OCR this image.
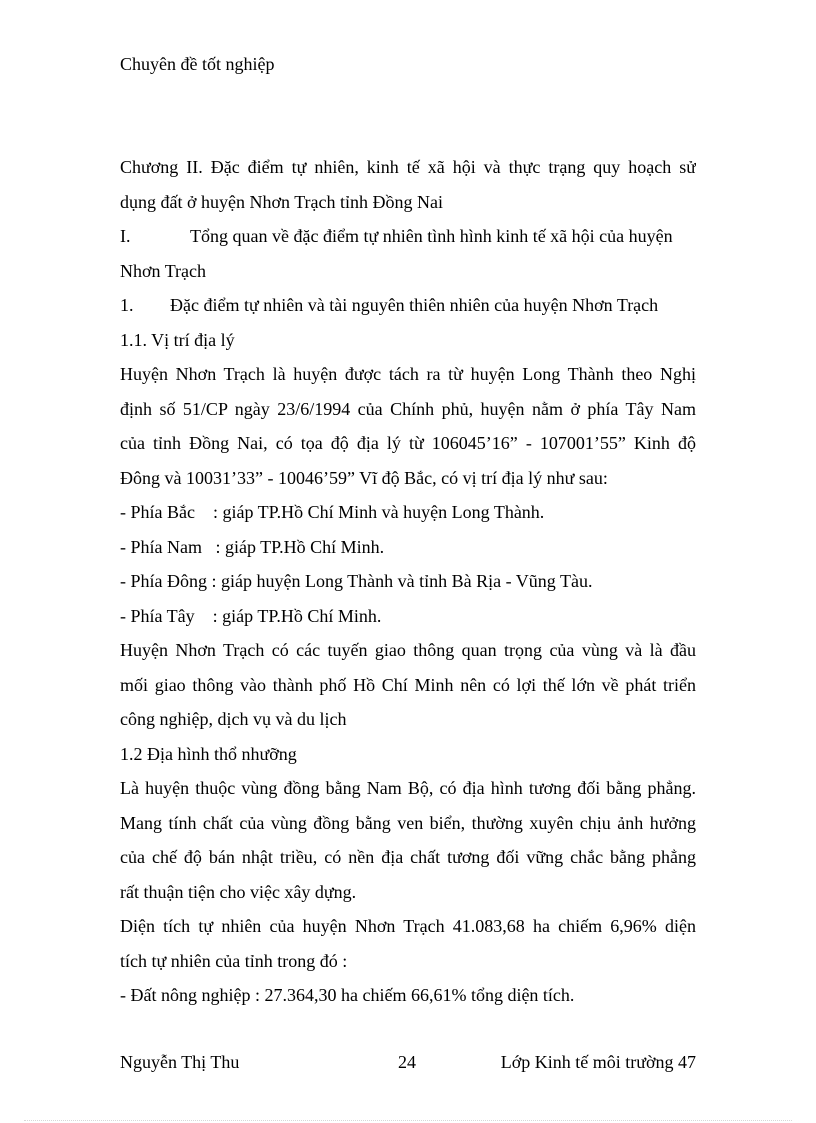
Chuyên đề tốt nghiệp
Chương II. Đặc điểm tự nhiên, kinh tế xã hội và thực trạng quy hoạch sử
dụng đất ở huyện Nhơn Trạch tỉnh Đồng Nai
I.	Tổng quan về đặc điểm tự nhiên tình hình kinh tế xã hội của huyện
Nhơn Trạch
1. Đặc điểm tự nhiên và tài nguyên thiên nhiên của huyện Nhơn Trạch
1.1. Vị trí địa lý
Huyện Nhơn Trạch là huyện được tách ra từ huyện Long Thành theo Nghị
định số 51/CP ngày 23/6/1994 của Chính phủ, huyện nằm ở phía Tây Nam
của tỉnh Đồng Nai, có tọa độ địa lý từ 106045’16” - 107001’55” Kinh độ
Đông và 10031’33” - 10046’59” Vĩ độ Bắc, có vị trí địa lý như sau:
- Phía Bắc : giáp TP.Hồ Chí Minh và huyện Long Thành.
- Phía Nam : giáp TP.Hồ Chí Minh.
- Phía Đông : giáp huyện Long Thành và tỉnh Bà Rịa - Vũng Tàu.
- Phía Tây : giáp TP.Hồ Chí Minh.
Huyện Nhơn Trạch có các tuyến giao thông quan trọng của vùng và là đầu
mối giao thông vào thành phố Hồ Chí Minh nên có lợi thế lớn về phát triển
công nghiệp, dịch vụ và du lịch
1.2 Địa hình thổ nhưỡng
Là huyện thuộc vùng đồng bằng Nam Bộ, có địa hình tương đối bằng phẳng.
Mang tính chất của vùng đồng bằng ven biển, thường xuyên chịu ảnh hưởng
của chế độ bán nhật triều, có nền địa chất tương đối vững chắc bằng phẳng
rất thuận tiện cho việc xây dựng.
Diện tích tự nhiên của huyện Nhơn Trạch 41.083,68 ha chiếm 6,96% diện
tích tự nhiên của tỉnh trong đó :
- Đất nông nghiệp : 27.364,30 ha chiếm 66,61% tổng diện tích.
Nguyễn Thị Thu	24	Lớp Kinh tế môi trường 47
